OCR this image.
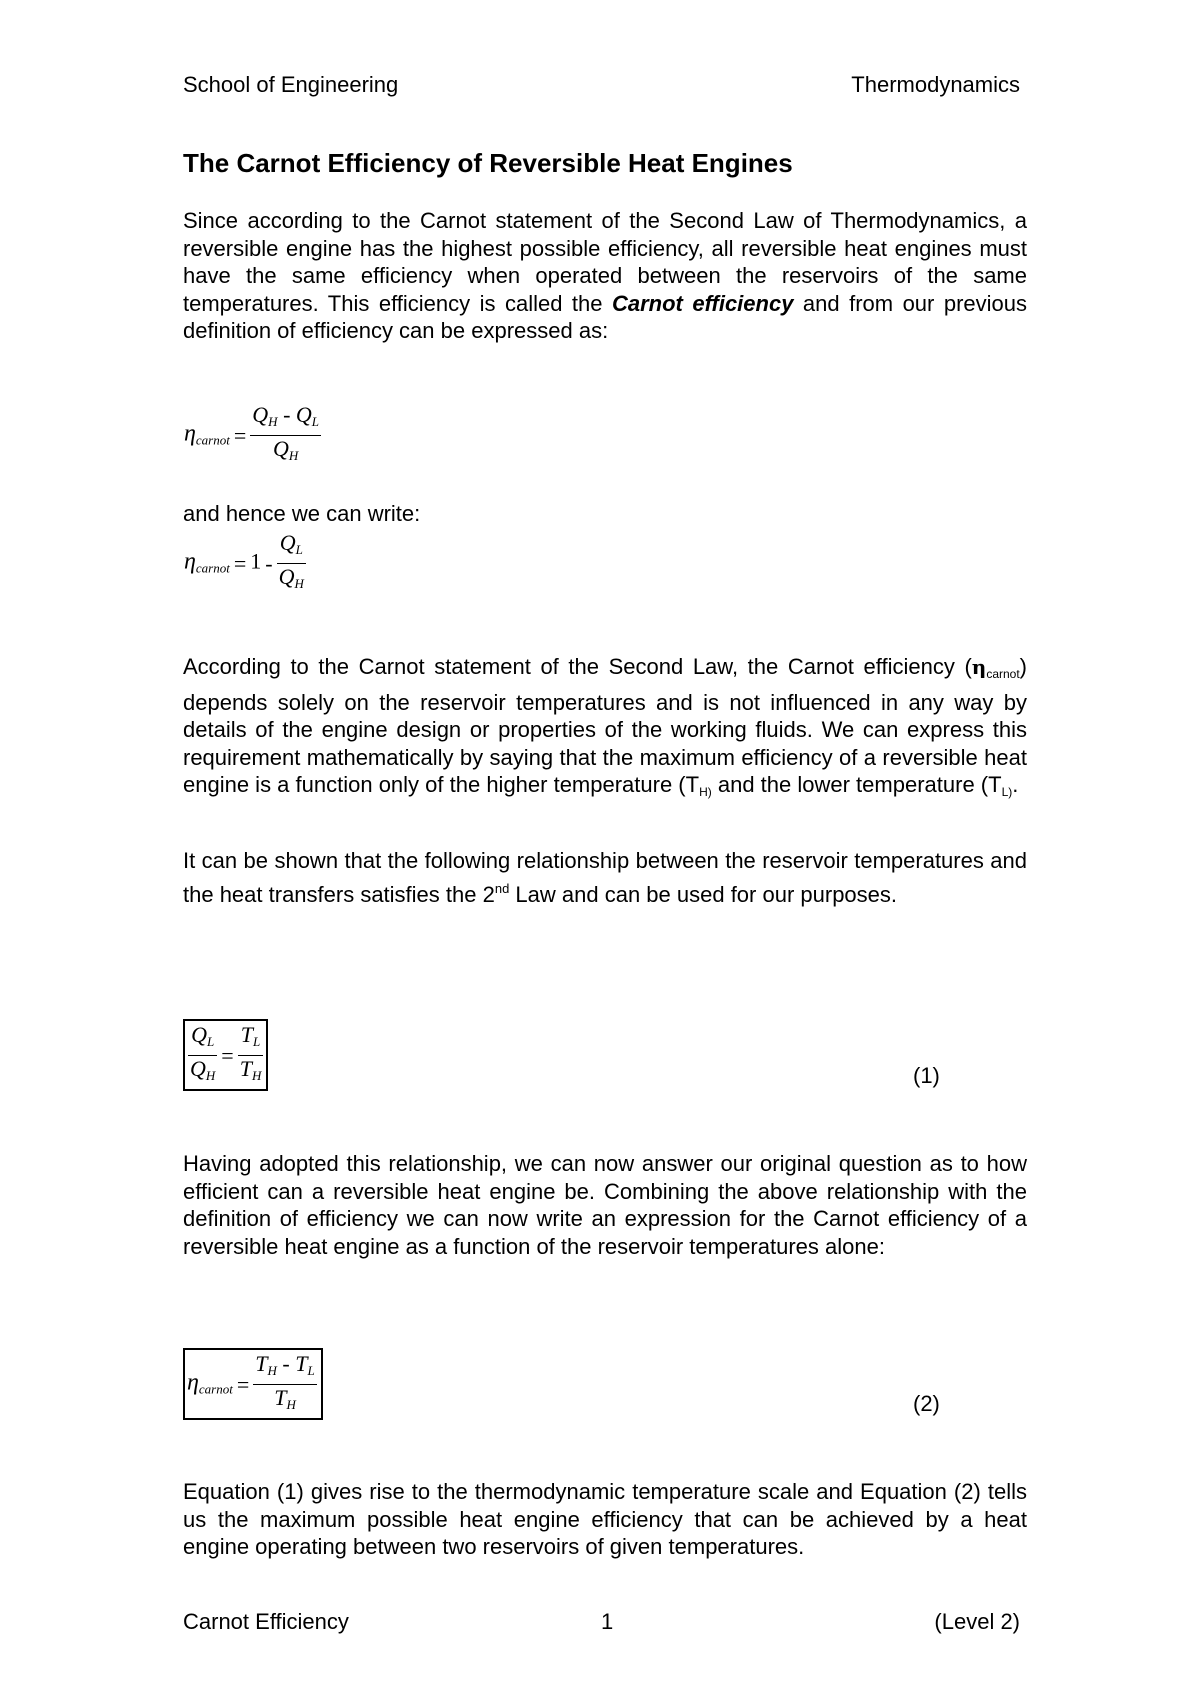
School of Engineering	Thermodynamics
The Carnot Efficiency of Reversible Heat Engines
Since according to the Carnot statement of the Second Law of Thermodynamics, a reversible engine has the highest possible efficiency, all reversible heat engines must have the same efficiency when operated between the reservoirs of the same temperatures. This efficiency is called the Carnot efficiency and from our previous definition of efficiency can be expressed as:
ηcarnot = $\frac{QH - QL}{QH}$
and hence we can write:
ηcarnot = $1 - \frac{QL}{QH}$
According to the Carnot statement of the Second Law, the Carnot efficiency $(\eta_{carnot})$ depends solely on the reservoir temperatures and is not influenced in any way by details of the engine design or properties of the working fluids. We can express this requirement mathematically by saying that the maximum efficiency of a reversible heat engine is a function only of the higher temperature ($T_{H)}$ and the lower temperature ($T_{L)}$.
It can be shown that the following relationship between the reservoir temperatures and the heat transfers satisfies the 2nd Law and can be used for our purposes.
$\frac{QL}{QH} = \frac{TL}{TH}$	(1)
Having adopted this relationship, we can now answer our original question as to how efficient can a reversible heat engine be. Combining the above relationship with the definition of efficiency we can now write an expression for the Carnot efficiency of a reversible heat engine as a function of the reservoir temperatures alone:
ηcarnot = $\frac{TH - TL}{TH}$	(2)
Equation (1) gives rise to the thermodynamic temperature scale and Equation (2) tells us the maximum possible heat engine efficiency that can be achieved by a heat engine operating between two reservoirs of given temperatures.
Carnot Efficiency	1	(Level 2)
